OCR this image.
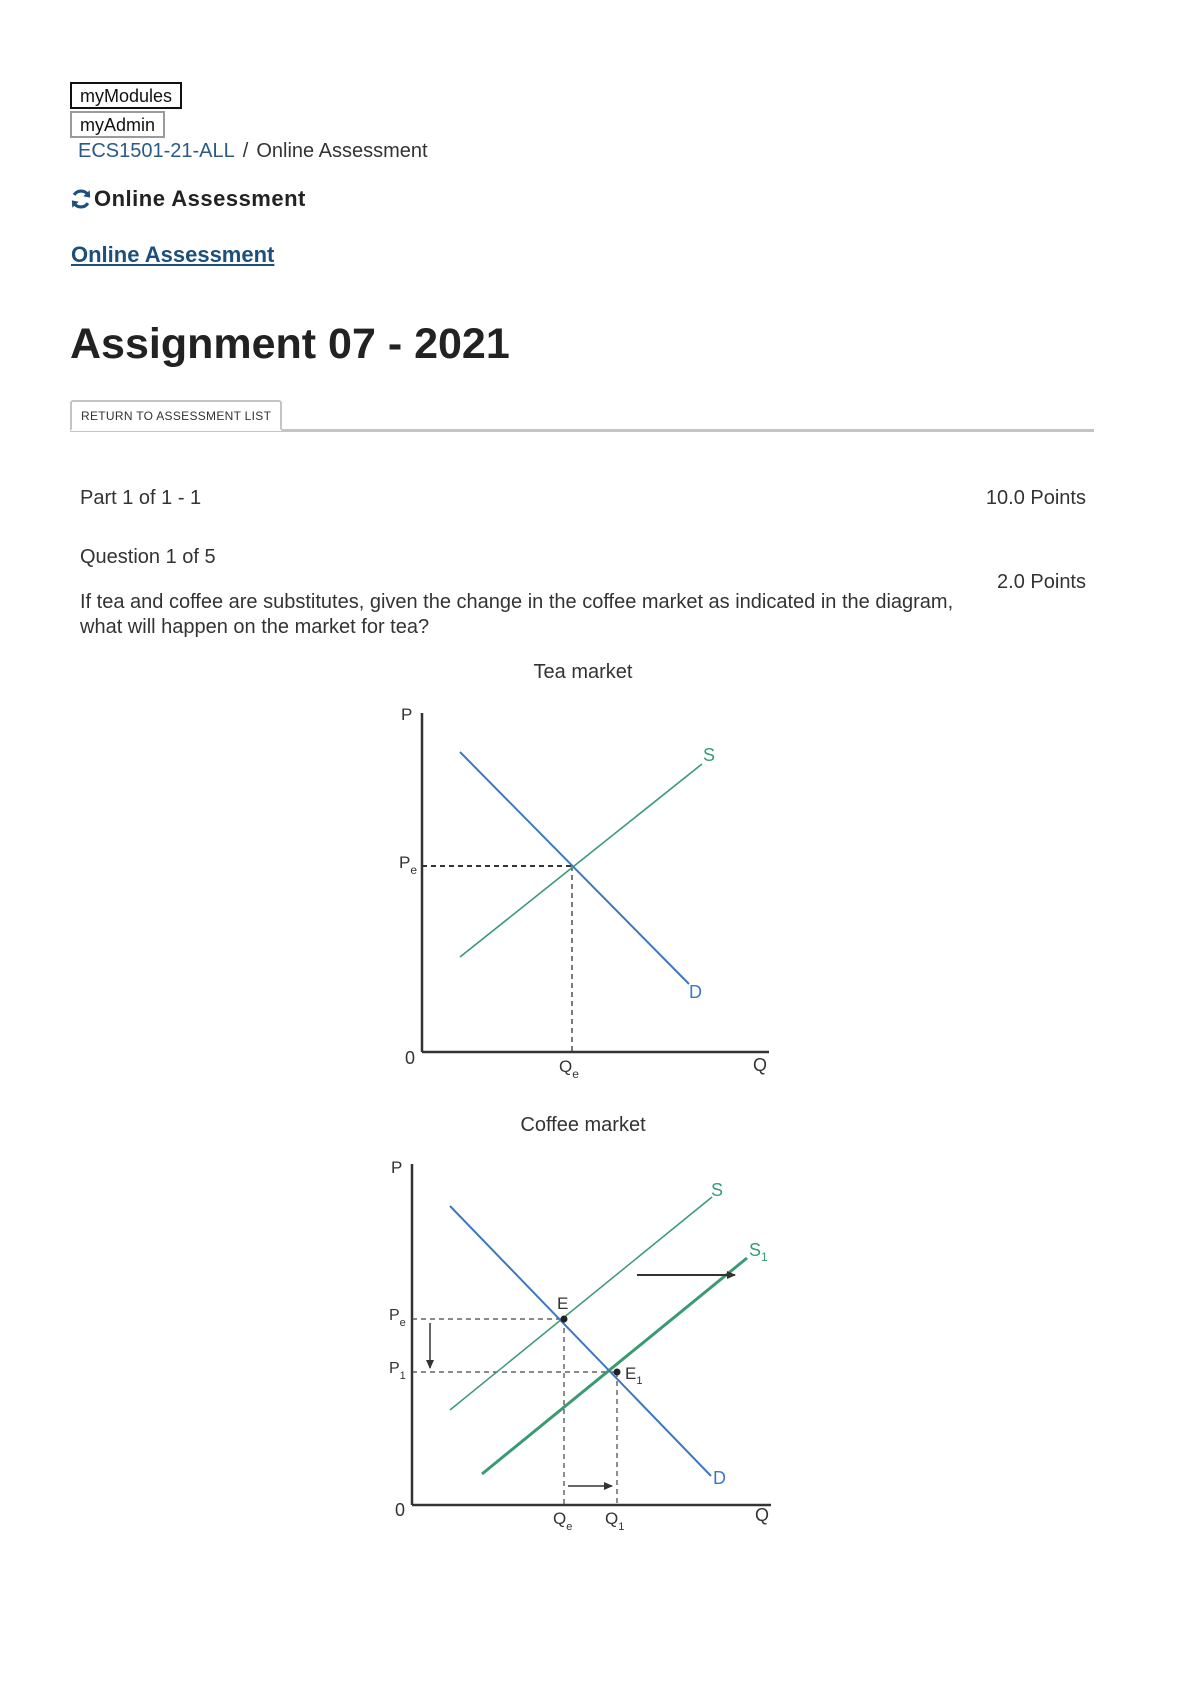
myModules
myAdmin
ECS1501-21-ALL / Online Assessment
Online Assessment
Online Assessment
Assignment 07 - 2021
RETURN TO ASSESSMENT LIST
Part 1 of 1 - 1	10.0 Points
Question 1 of 5
2.0 Points
If tea and coffee are substitutes, given the change in the coffee market as indicated in the diagram, what will happen on the market for tea?
Tea market
P
0	Q
S
D
$P_e$
$Q_e$
Coffee market
P
0	Q
S
$S_1$
D
E
$E_1$
$P_e$
$P_1$
$Q_e$ $Q_1$
